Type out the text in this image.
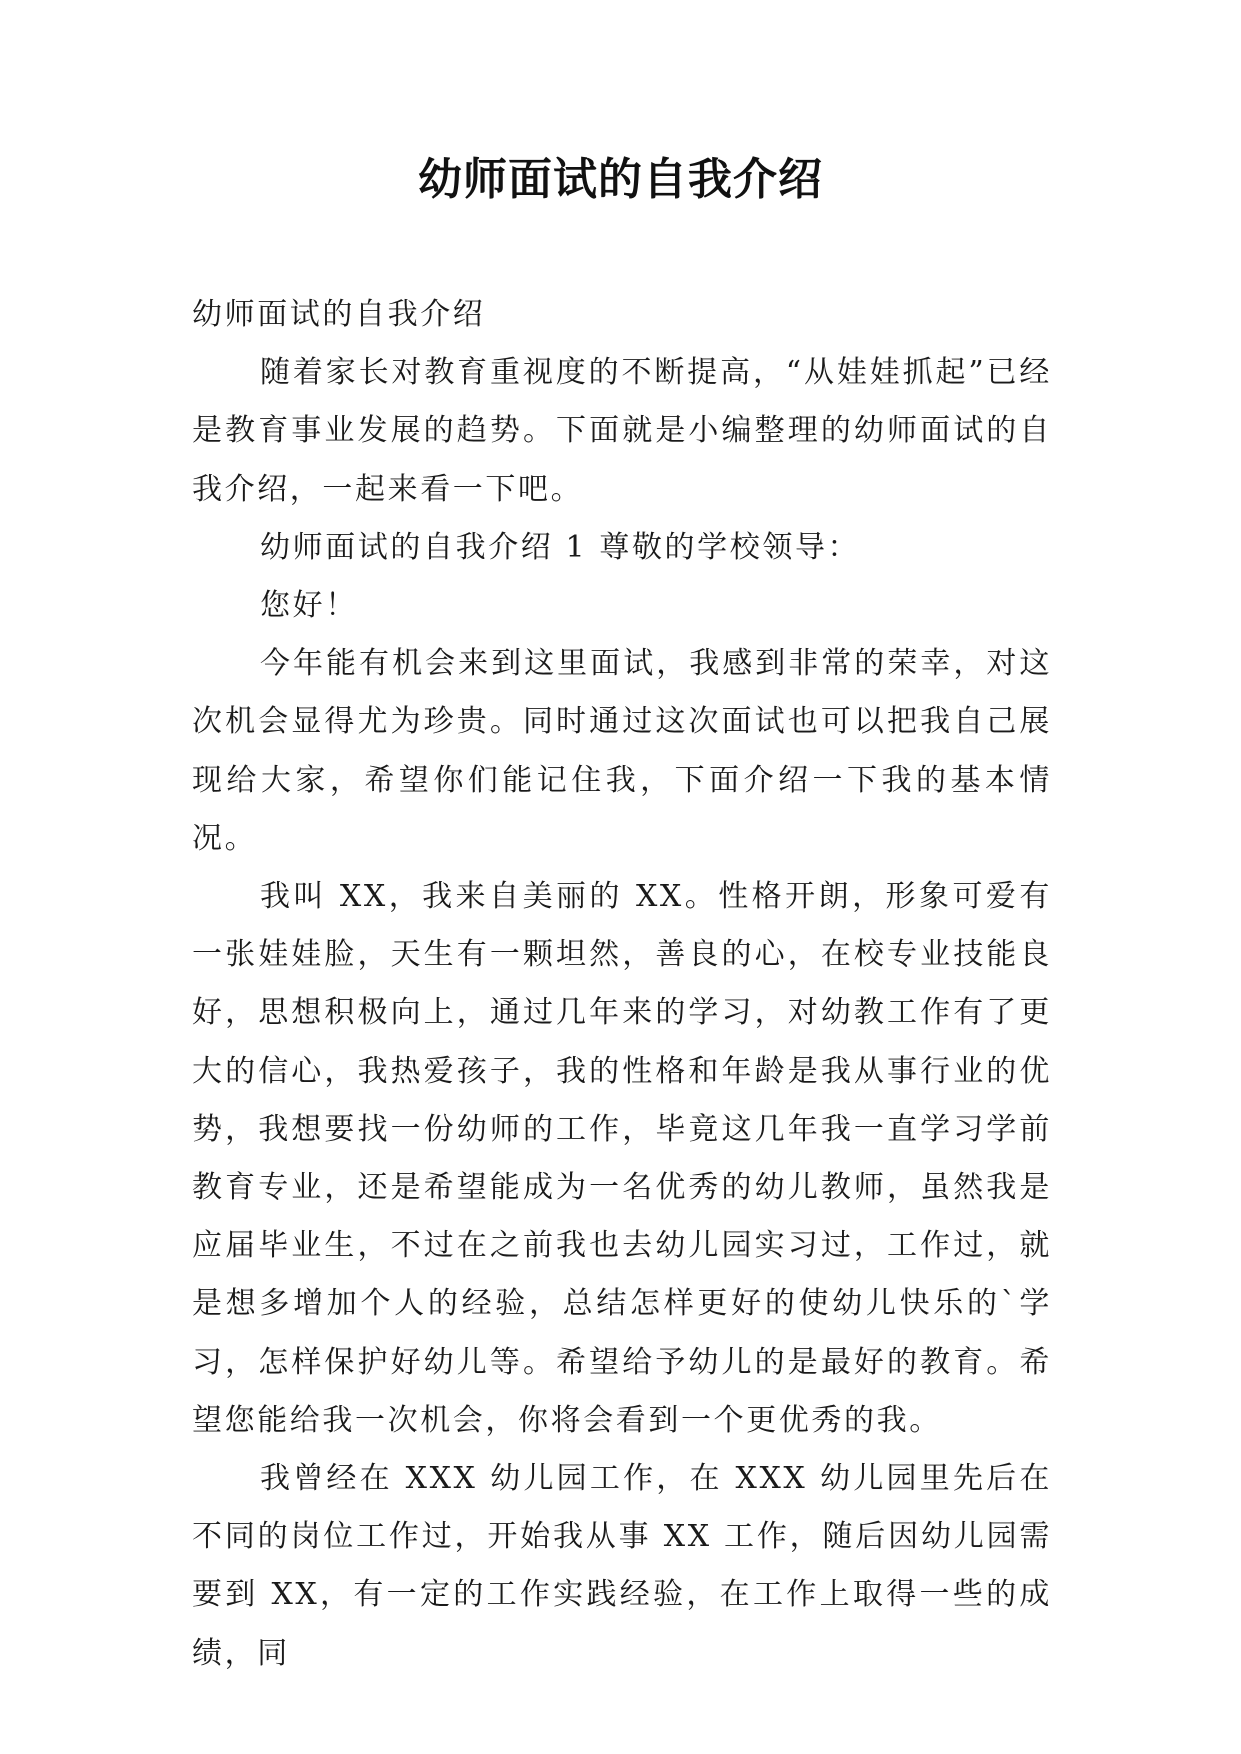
幼师面试的自我介绍

幼师面试的自我介绍

随着家长对教育重视度的不断提高，“从娃娃抓起”已经是教育事业发展的趋势。下面就是小编整理的幼师面试的自我介绍，一起来看一下吧。

幼师面试的自我介绍 1 尊敬的学校领导：

您好！

今年能有机会来到这里面试，我感到非常的荣幸，对这次机会显得尤为珍贵。同时通过这次面试也可以把我自己展现给大家，希望你们能记住我，下面介绍一下我的基本情况。

我叫 XX，我来自美丽的 XX。性格开朗，形象可爱有一张娃娃脸，天生有一颗坦然，善良的心，在校专业技能良好，思想积极向上，通过几年来的学习，对幼教工作有了更大的信心，我热爱孩子，我的性格和年龄是我从事行业的优势，我想要找一份幼师的工作，毕竟这几年我一直学习学前教育专业，还是希望能成为一名优秀的幼儿教师，虽然我是应届毕业生，不过在之前我也去幼儿园实习过，工作过，就是想多增加个人的经验，总结怎样更好的使幼儿快乐的`学习，怎样保护好幼儿等。希望给予幼儿的是最好的教育。希望您能给我一次机会，你将会看到一个更优秀的我。

我曾经在 XXX 幼儿园工作，在 XXX 幼儿园里先后在不同的岗位工作过，开始我从事 XX 工作，随后因幼儿园需要到 XX，有一定的工作实践经验，在工作上取得一些的成绩，同
